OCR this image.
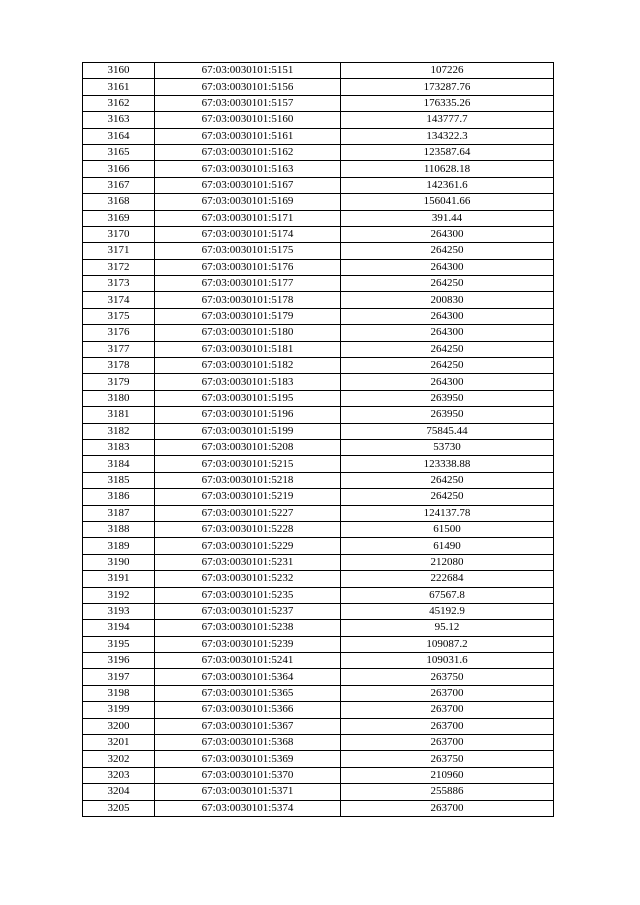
3160	67:03:0030101:5151	107226
3161	67:03:0030101:5156	173287.76
3162	67:03:0030101:5157	176335.26
3163	67:03:0030101:5160	143777.7
3164	67:03:0030101:5161	134322.3
3165	67:03:0030101:5162	123587.64
3166	67:03:0030101:5163	110628.18
3167	67:03:0030101:5167	142361.6
3168	67:03:0030101:5169	156041.66
3169	67:03:0030101:5171	391.44
3170	67:03:0030101:5174	264300
3171	67:03:0030101:5175	264250
3172	67:03:0030101:5176	264300
3173	67:03:0030101:5177	264250
3174	67:03:0030101:5178	200830
3175	67:03:0030101:5179	264300
3176	67:03:0030101:5180	264300
3177	67:03:0030101:5181	264250
3178	67:03:0030101:5182	264250
3179	67:03:0030101:5183	264300
3180	67:03:0030101:5195	263950
3181	67:03:0030101:5196	263950
3182	67:03:0030101:5199	75845.44
3183	67:03:0030101:5208	53730
3184	67:03:0030101:5215	123338.88
3185	67:03:0030101:5218	264250
3186	67:03:0030101:5219	264250
3187	67:03:0030101:5227	124137.78
3188	67:03:0030101:5228	61500
3189	67:03:0030101:5229	61490
3190	67:03:0030101:5231	212080
3191	67:03:0030101:5232	222684
3192	67:03:0030101:5235	67567.8
3193	67:03:0030101:5237	45192.9
3194	67:03:0030101:5238	95.12
3195	67:03:0030101:5239	109087.2
3196	67:03:0030101:5241	109031.6
3197	67:03:0030101:5364	263750
3198	67:03:0030101:5365	263700
3199	67:03:0030101:5366	263700
3200	67:03:0030101:5367	263700
3201	67:03:0030101:5368	263700
3202	67:03:0030101:5369	263750
3203	67:03:0030101:5370	210960
3204	67:03:0030101:5371	255886
3205	67:03:0030101:5374	263700
